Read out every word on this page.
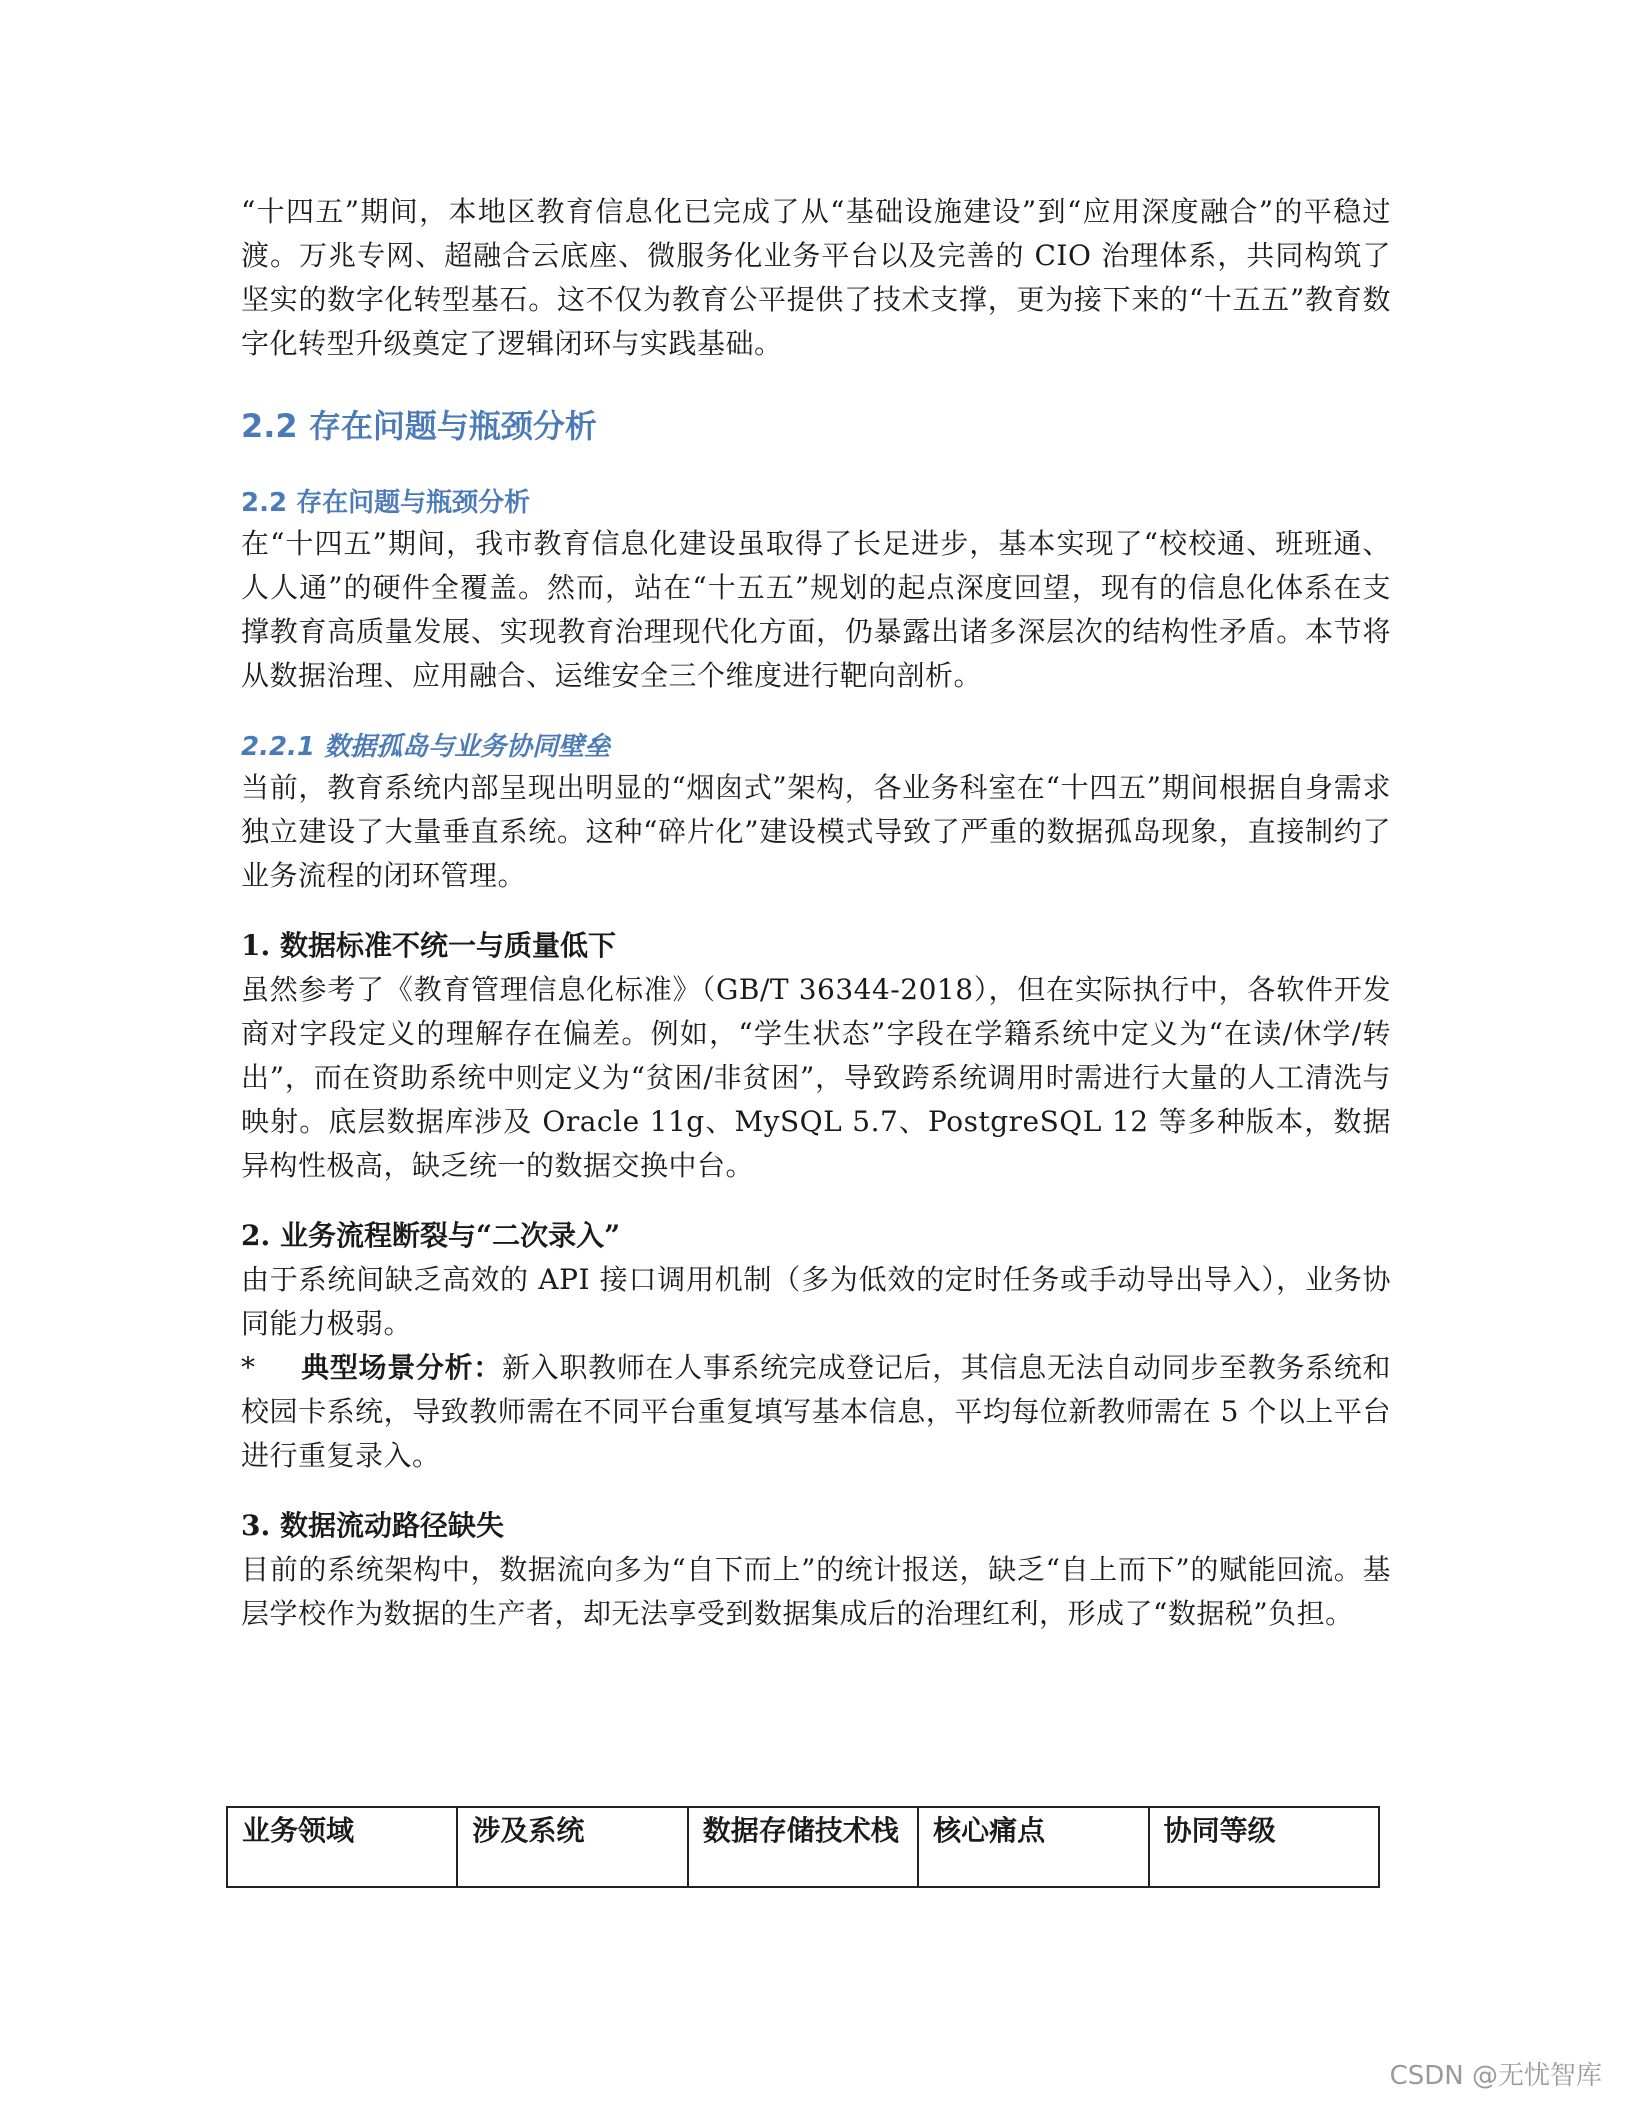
“十四五”期间，本地区教育信息化已完成了从“基础设施建设”到“应用深度融合”的平稳过渡。万兆专网、超融合云底座、微服务化业务平台以及完善的 CIO 治理体系，共同构筑了坚实的数字化转型基石。这不仅为教育公平提供了技术支撑，更为接下来的“十五五”教育数字化转型升级奠定了逻辑闭环与实践基础。

2.2 存在问题与瓶颈分析
2.2 存在问题与瓶颈分析

在“十四五”期间，我市教育信息化建设虽取得了长足进步，基本实现了“校校通、班班通、人人通”的硬件全覆盖。然而，站在“十五五”规划的起点深度回望，现有的信息化体系在支撑教育高质量发展、实现教育治理现代化方面，仍暴露出诸多深层次的结构性矛盾。本节将从数据治理、应用融合、运维安全三个维度进行靶向剖析。

2.2.1 数据孤岛与业务协同壁垒

当前，教育系统内部呈现出明显的“烟囱式”架构，各业务科室在“十四五”期间根据自身需求独立建设了大量垂直系统。这种“碎片化”建设模式导致了严重的数据孤岛现象，直接制约了业务流程的闭环管理。

1. 数据标准不统一与质量低下

虽然参考了《教育管理信息化标准》（GB/T 36344-2018），但在实际执行中，各软件开发商对字段定义的理解存在偏差。例如，“学生状态”字段在学籍系统中定义为“在读/休学/转出”，而在资助系统中则定义为“贫困/非贫困”，导致跨系统调用时需进行大量的人工清洗与映射。底层数据库涉及 Oracle 11g、MySQL 5.7、PostgreSQL 12 等多种版本，数据异构性极高，缺乏统一的数据交换中台。

2. 业务流程断裂与“二次录入”

由于系统间缺乏高效的 API 接口调用机制（多为低效的定时任务或手动导出导入），业务协同能力极弱。

* 典型场景分析：新入职教师在人事系统完成登记后，其信息无法自动同步至教务系统和校园卡系统，导致教师需在不同平台重复填写基本信息，平均每位新教师需在 5 个以上平台进行重复录入。

3. 数据流动路径缺失

目前的系统架构中，数据流向多为“自下而上”的统计报送，缺乏“自上而下”的赋能回流。基层学校作为数据的生产者，却无法享受到数据集成后的治理红利，形成了“数据税”负担。

业务领域	涉及系统	数据存储技术栈	核心痛点	协同等级
CSDN @无忧智库
